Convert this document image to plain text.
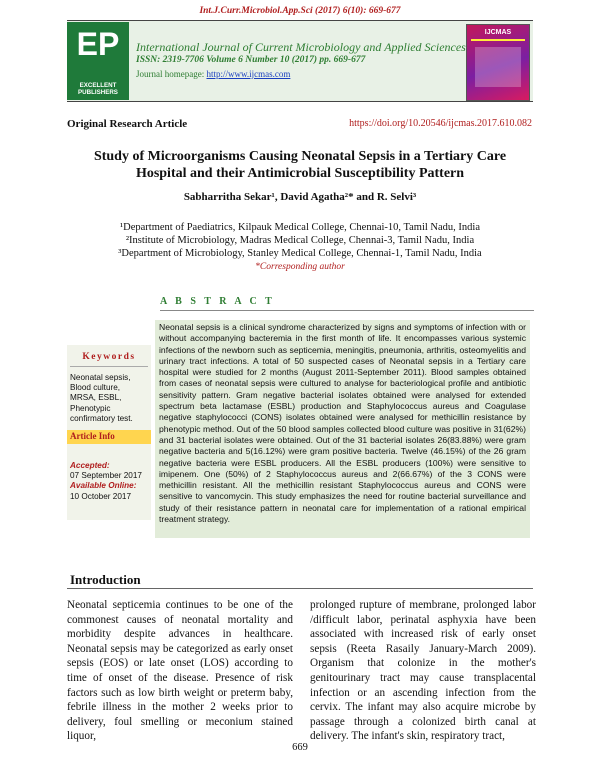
Int.J.Curr.Microbiol.App.Sci (2017) 6(10): 669-677
EP
EXCELLENT PUBLISHERS
International Journal of Current Microbiology and Applied Sciences
ISSN: 2319-7706 Volume 6 Number 10 (2017) pp. 669-677
Journal homepage: http://www.ijcmas.com
IJCMAS
Original Research Article	https://doi.org/10.20546/ijcmas.2017.610.082
Study of Microorganisms Causing Neonatal Sepsis in a Tertiary Care
Hospital and their Antimicrobial Susceptibility Pattern
Sabharritha Sekar¹, David Agatha²* and R. Selvi³
¹Department of Paediatrics, Kilpauk Medical College, Chennai-10, Tamil Nadu, India
²Institute of Microbiology, Madras Medical College, Chennai-3, Tamil Nadu, India
³Department of Microbiology, Stanley Medical College, Chennai-1, Tamil Nadu, India
*Corresponding author
A B S T R A C T
Neonatal sepsis is a clinical syndrome characterized by signs and symptoms of infection with or without accompanying bacteremia in the first month of life. It encompasses various systemic infections of the newborn such as septicemia, meningitis, pneumonia, arthritis, osteomyelitis and urinary tract infections. A total of 50 suspected cases of Neonatal sepsis in a Tertiary care hospital were studied for 2 months (August 2011-September 2011). Blood samples obtained from cases of neonatal sepsis were cultured to analyse for bacteriological profile and antibiotic sensitivity pattern. Gram negative bacterial isolates obtained were analysed for extended spectrum beta lactamase (ESBL) production and Staphylococcus aureus and Coagulase negative staphylococci (CONS) isolates obtained were analysed for methicillin resistance by phenotypic method. Out of the 50 blood samples collected blood culture was positive in 31(62%) and 31 bacterial isolates were obtained. Out of the 31 bacterial isolates 26(83.88%) were gram negative bacteria and 5(16.12%) were gram positive bacteria. Twelve (46.15%) of the 26 gram negative bacteria were ESBL producers. All the ESBL producers (100%) were sensitive to imipenem. One (50%) of 2 Staphylococcus aureus and 2(66.67%) of the 3 CONS were methicillin resistant. All the methicillin resistant Staphylococcus aureus and CONS were sensitive to vancomycin. This study emphasizes the need for routine bacterial surveillance and study of their resistance pattern in neonatal care for implementation of a rational empirical treatment strategy.
Keywords
Neonatal sepsis,
Blood culture,
MRSA, ESBL,
Phenotypic
confirmatory test.
Article Info
Accepted:
07 September 2017
Available Online:
10 October 2017
Introduction
Neonatal septicemia continues to be one of the commonest causes of neonatal mortality and morbidity despite advances in healthcare. Neonatal sepsis may be categorized as early onset sepsis (EOS) or late onset (LOS) according to time of onset of the disease. Presence of risk factors such as low birth weight or preterm baby, febrile illness in the mother 2 weeks prior to delivery, foul smelling or meconium stained liquor,
prolonged rupture of membrane, prolonged labor /difficult labor, perinatal asphyxia have been associated with increased risk of early onset sepsis (Reeta Rasaily January-March 2009). Organism that colonize in the mother's genitourinary tract may cause transplacental infection or an ascending infection from the cervix. The infant may also acquire microbe by passage through a colonized birth canal at delivery. The infant's skin, respiratory tract,
669
